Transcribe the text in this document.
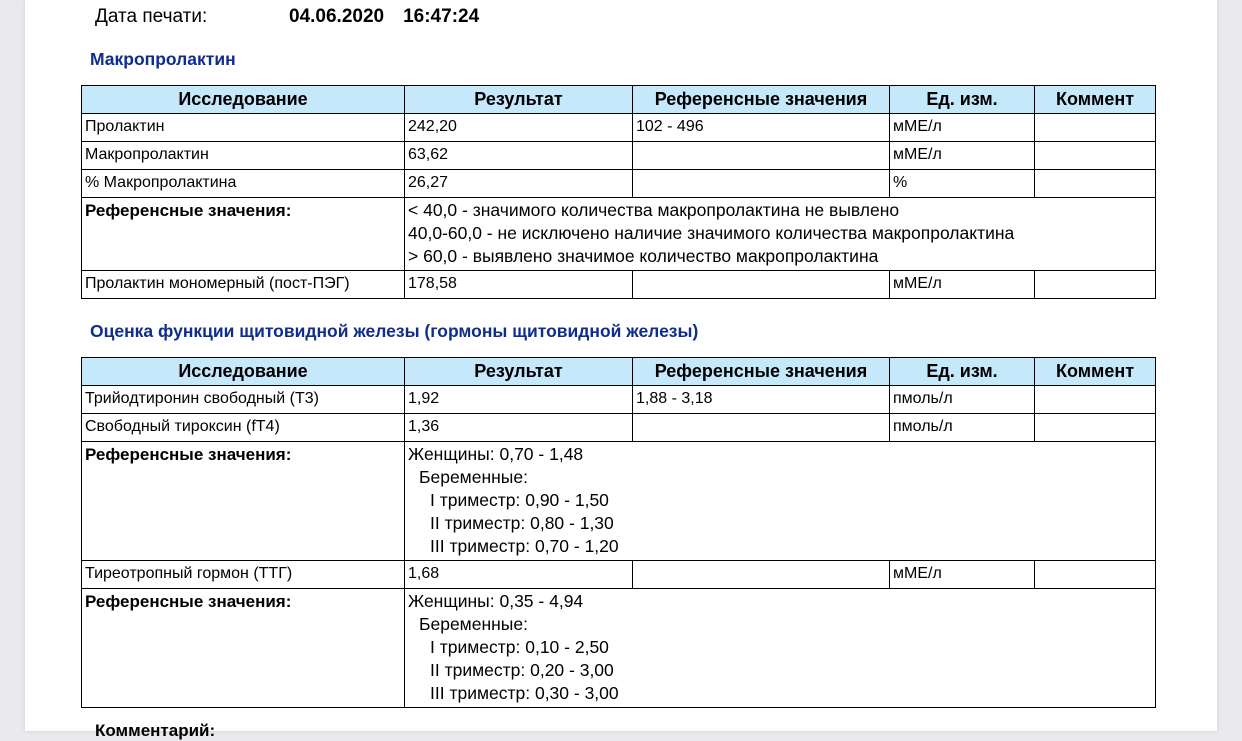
Дата печати:	04.06.2020 16:47:24
Макропролактин
Исследование	Результат	Референсные значения	Ед. изм.	Коммент
Пролактин	242,20	102 - 496	мМЕ/л	
Макропролактин	63,62		мМЕ/л	
% Макропролактина	26,27		%	
Референсные значения:	< 40,0 - значимого количества макропролактина не вывлено
40,0-60,0 - не исключено наличие значимого количества макропролактина
> 60,0 - выявлено значимое количество макропролактина			

Пролактин мономерный (пост-ПЭГ)	178,58		мМЕ/л	
Оценка функции щитовидной железы (гормоны щитовидной железы)
Исследование	Результат	Референсные значения	Ед. изм.	Коммент
Трийодтиронин свободный (Т3)	1,92	1,88 - 3,18	пмоль/л	
Свободный тироксин (fT4)	1,36		пмоль/л	
Референсные значения:	Женщины: 0,70 - 1,48
Беременные:
I триместр: 0,90 - 1,50
II триместр: 0,80 - 1,30
III триместр: 0,70 - 1,20			

Тиреотропный гормон (ТТГ)	1,68		мМЕ/л	
Референсные значения:	Женщины: 0,35 - 4,94
Беременные:
I триместр: 0,10 - 2,50
II триместр: 0,20 - 3,00
III триместр: 0,30 - 3,00			
Комментарий:
